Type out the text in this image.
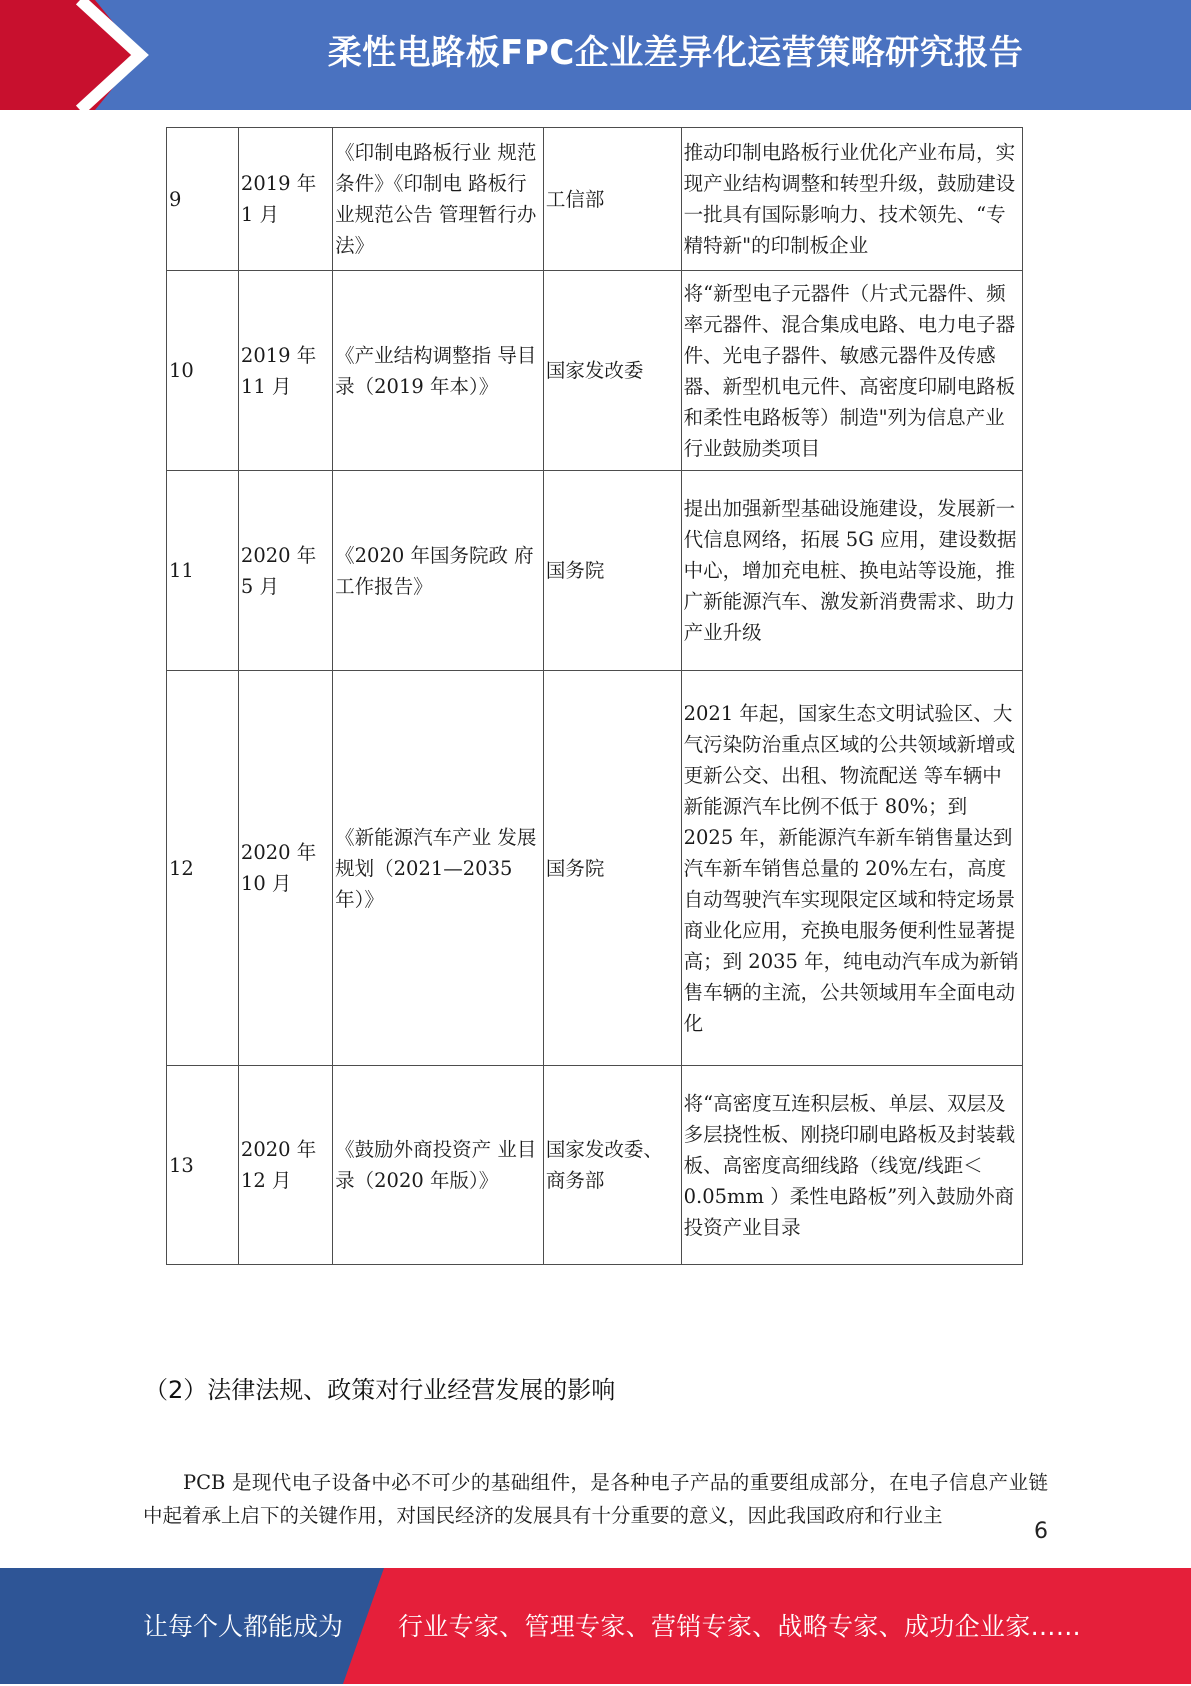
柔性电路板FPC企业差异化运营策略研究报告
9	2019 年 1 月	《印制电路板行业 规范条件》《印制电 路板行业规范公告 管理暂行办法》	工信部	推动印制电路板行业优化产业布局，实现产业结构调整和转型升级，鼓励建设一批具有国际影响力、技术领先、“专精特新"的印制板企业
10	2019 年 11 月	《产业结构调整指 导目录（2019 年本）》	国家发改委	将“新型电子元器件（片式元器件、频率元器件、混合集成电路、电力电子器件、光电子器件、敏感元器件及传感器、新型机电元件、高密度印刷电路板和柔性电路板等）制造"列为信息产业行业鼓励类项目
11	2020 年 5 月	《2020 年国务院政 府工作报告》	国务院	提出加强新型基础设施建设，发展新一代信息网络，拓展 5G 应用，建设数据中心，增加充电桩、换电站等设施，推广新能源汽车、激发新消费需求、助力产业升级
12	2020 年 10 月	《新能源汽车产业 发展规划（2021—2035 年）》	国务院	2021 年起，国家生态文明试验区、大气污染防治重点区域的公共领域新增或更新公交、出租、物流配送 等车辆中新能源汽车比例不低于 80%；到 2025 年，新能源汽车新车销售量达到汽车新车销售总量的 20%左右，高度自动驾驶汽车实现限定区域和特定场景商业化应用，充换电服务便利性显著提高；到 2035 年，纯电动汽车成为新销售车辆的主流，公共领域用车全面电动化
13	2020 年 12 月	《鼓励外商投资产 业目录（2020 年版）》	国家发改委、商务部	将“高密度互连积层板、单层、双层及多层挠性板、刚挠印刷电路板及封装载板、高密度高细线路（线宽/线距＜0.05mm ）柔性电路板”列入鼓励外商投资产业目录
（2）法律法规、政策对行业经营发展的影响

PCB 是现代电子设备中必不可少的基础组件，是各种电子产品的重要组成部分，在电子信息产业链中起着承上启下的关键作用，对国民经济的发展具有十分重要的意义，因此我国政府和行业主

6
让每个人都能成为 行业专家、管理专家、营销专家、战略专家、成功企业家……
